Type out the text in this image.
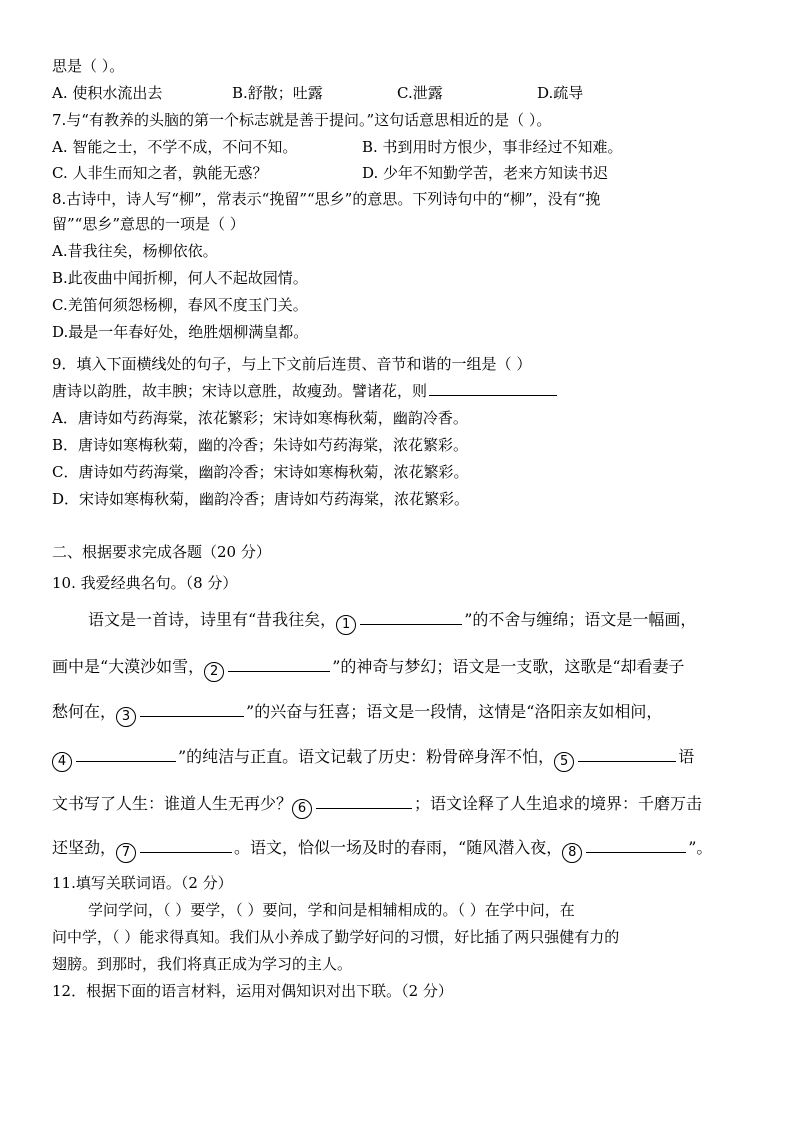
思是（ ）。
A. 使积水流出去	B.舒散；吐露	C.泄露	D.疏导
7.与“有教养的头脑的第一个标志就是善于提问。”这句话意思相近的是（ ）。
A. 智能之士，不学不成，不问不知。	B. 书到用时方恨少，事非经过不知难。
C. 人非生而知之者，孰能无惑？	D. 少年不知勤学苦，老来方知读书迟
8.古诗中，诗人写“柳”，常表示“挽留”“思乡”的意思。下列诗句中的“柳”，没有“挽
留”“思乡”意思的一项是（ ）
A.昔我往矣，杨柳依依。
B.此夜曲中闻折柳，何人不起故园情。
C.羌笛何须怨杨柳，春风不度玉门关。
D.最是一年春好处，绝胜烟柳满皇都。
9．填入下面横线处的句子，与上下文前后连贯、音节和谐的一组是（ ）
唐诗以韵胜，故丰腴；宋诗以意胜，故瘦劲。譬诸花，则
A．唐诗如芍药海棠，浓花繁彩；宋诗如寒梅秋菊，幽韵冷香。
B．唐诗如寒梅秋菊，幽的冷香；朱诗如芍药海棠，浓花繁彩。
C．唐诗如芍药海棠，幽韵冷香；宋诗如寒梅秋菊，浓花繁彩。
D．宋诗如寒梅秋菊，幽韵冷香；唐诗如芍药海棠，浓花繁彩。
二、根据要求完成各题（20 分）
10. 我爱经典名句。（8 分）
语文是一首诗，诗里有“昔我往矣， 1	”的不舍与缠绵；语文是一幅画，
画中是“大漠沙如雪， 2	”的神奇与梦幻；语文是一支歌，这歌是“却看妻子
愁何在， 3	”的兴奋与狂喜；语文是一段情，这情是“洛阳亲友如相问，
4	”的纯洁与正直。语文记载了历史：粉骨碎身浑不怕， 5	语
文书写了人生：谁道人生无再少？ 6	；语文诠释了人生追求的境界：千磨万击
还坚劲， 7	。语文，恰似一场及时的春雨，“随风潜入夜， 8	”。
11.填写关联词语。（2 分）
学问学问，（ ）要学，（ ）要问，学和问是相辅相成的。（ ）在学中问，在
问中学，（ ）能求得真知。我们从小养成了勤学好问的习惯，好比插了两只强健有力的
翅膀。到那时，我们将真正成为学习的主人。
12．根据下面的语言材料，运用对偶知识对出下联。（2 分）
